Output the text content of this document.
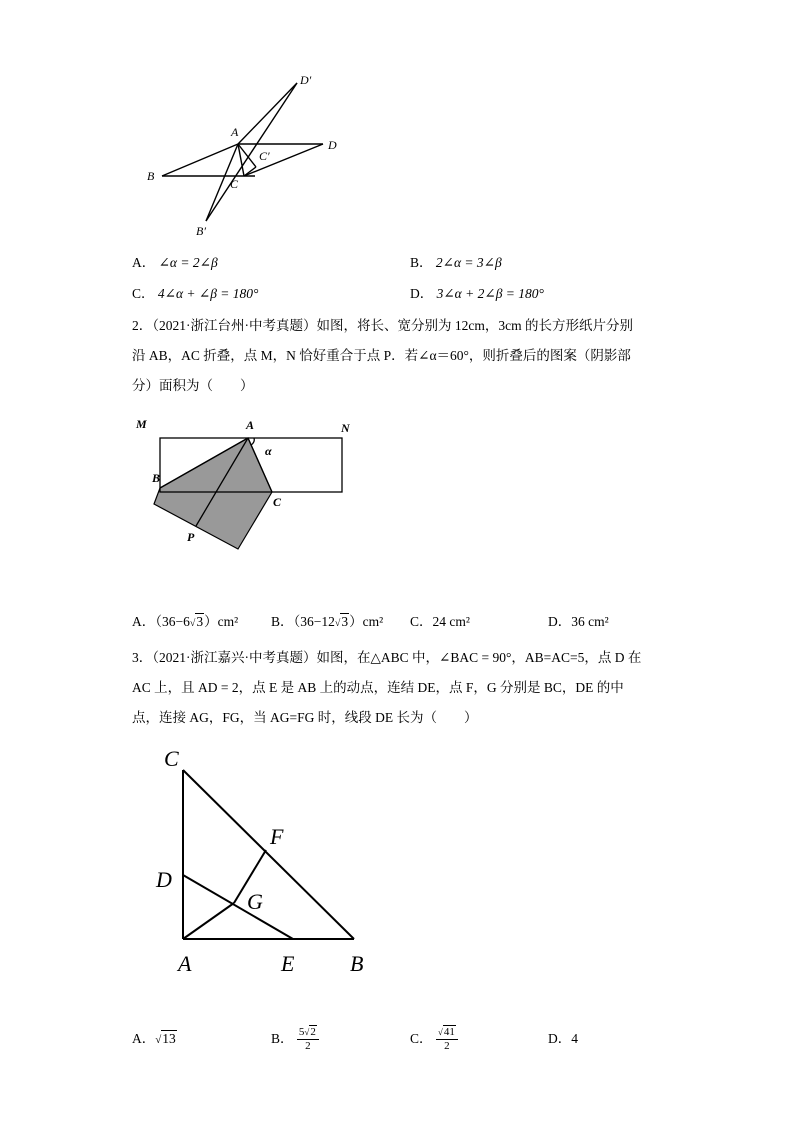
D′
A
D
C′
B
C
B′
A． ∠α = 2∠β	B． 2∠α = 3∠β
C． 4∠α + ∠β = 180°	D． 3∠α + 2∠β = 180°
2．（2021·浙江台州·中考真题）如图，将长、宽分别为 12cm，3cm 的长方形纸片分别
沿 AB，AC 折叠，点 M，N 恰好重合于点 P．若∠α＝60°，则折叠后的图案（阴影部
分）面积为（　　）
M	A	N
α
B
C
P
A．（36−6√3）cm² B．（36−12√3）cm² C．24 cm²	D．36 cm²
3．（2021·浙江嘉兴·中考真题）如图，在△ABC 中，∠BAC = 90°，AB=AC=5，点 D 在
AC 上，且 AD = 2，点 E 是 AB 上的动点，连结 DE，点 F，G 分别是 BC，DE 的中
点，连接 AG，FG，当 AG=FG 时，线段 DE 长为（　　）
C
F
D
G
A	E	B
A．√13	B． $\frac{5√2}{2}$	C． $\frac{√41}{2}$	D．4
